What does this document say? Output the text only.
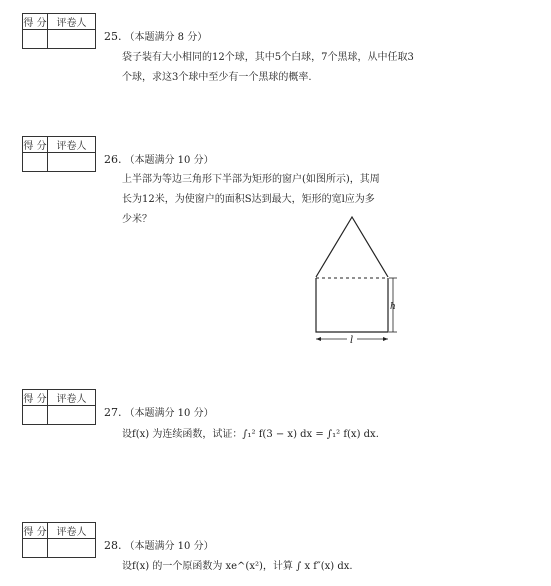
得 分	评卷人

25. （本题满分 8 分）
袋子装有大小相同的12个球，其中5个白球，7个黑球，从中任取3个球，求这3个球中至少有一个黑球的概率.
得 分	评卷人

26. （本题满分 10 分）
上半部为等边三角形下半部为矩形的窗户(如图所示)，其周长为12米，为使窗户的面积S达到最大，矩形的宽l应为多少米？
h
l
得 分	评卷人

27. （本题满分 10 分）
设f(x) 为连续函数，试证：∫₁² f(3 − x) dx = ∫₁² f(x) dx.
得 分	评卷人

28. （本题满分 10 分）
设f(x) 的一个原函数为 xe^(x²)，计算 ∫ x f″(x) dx.
